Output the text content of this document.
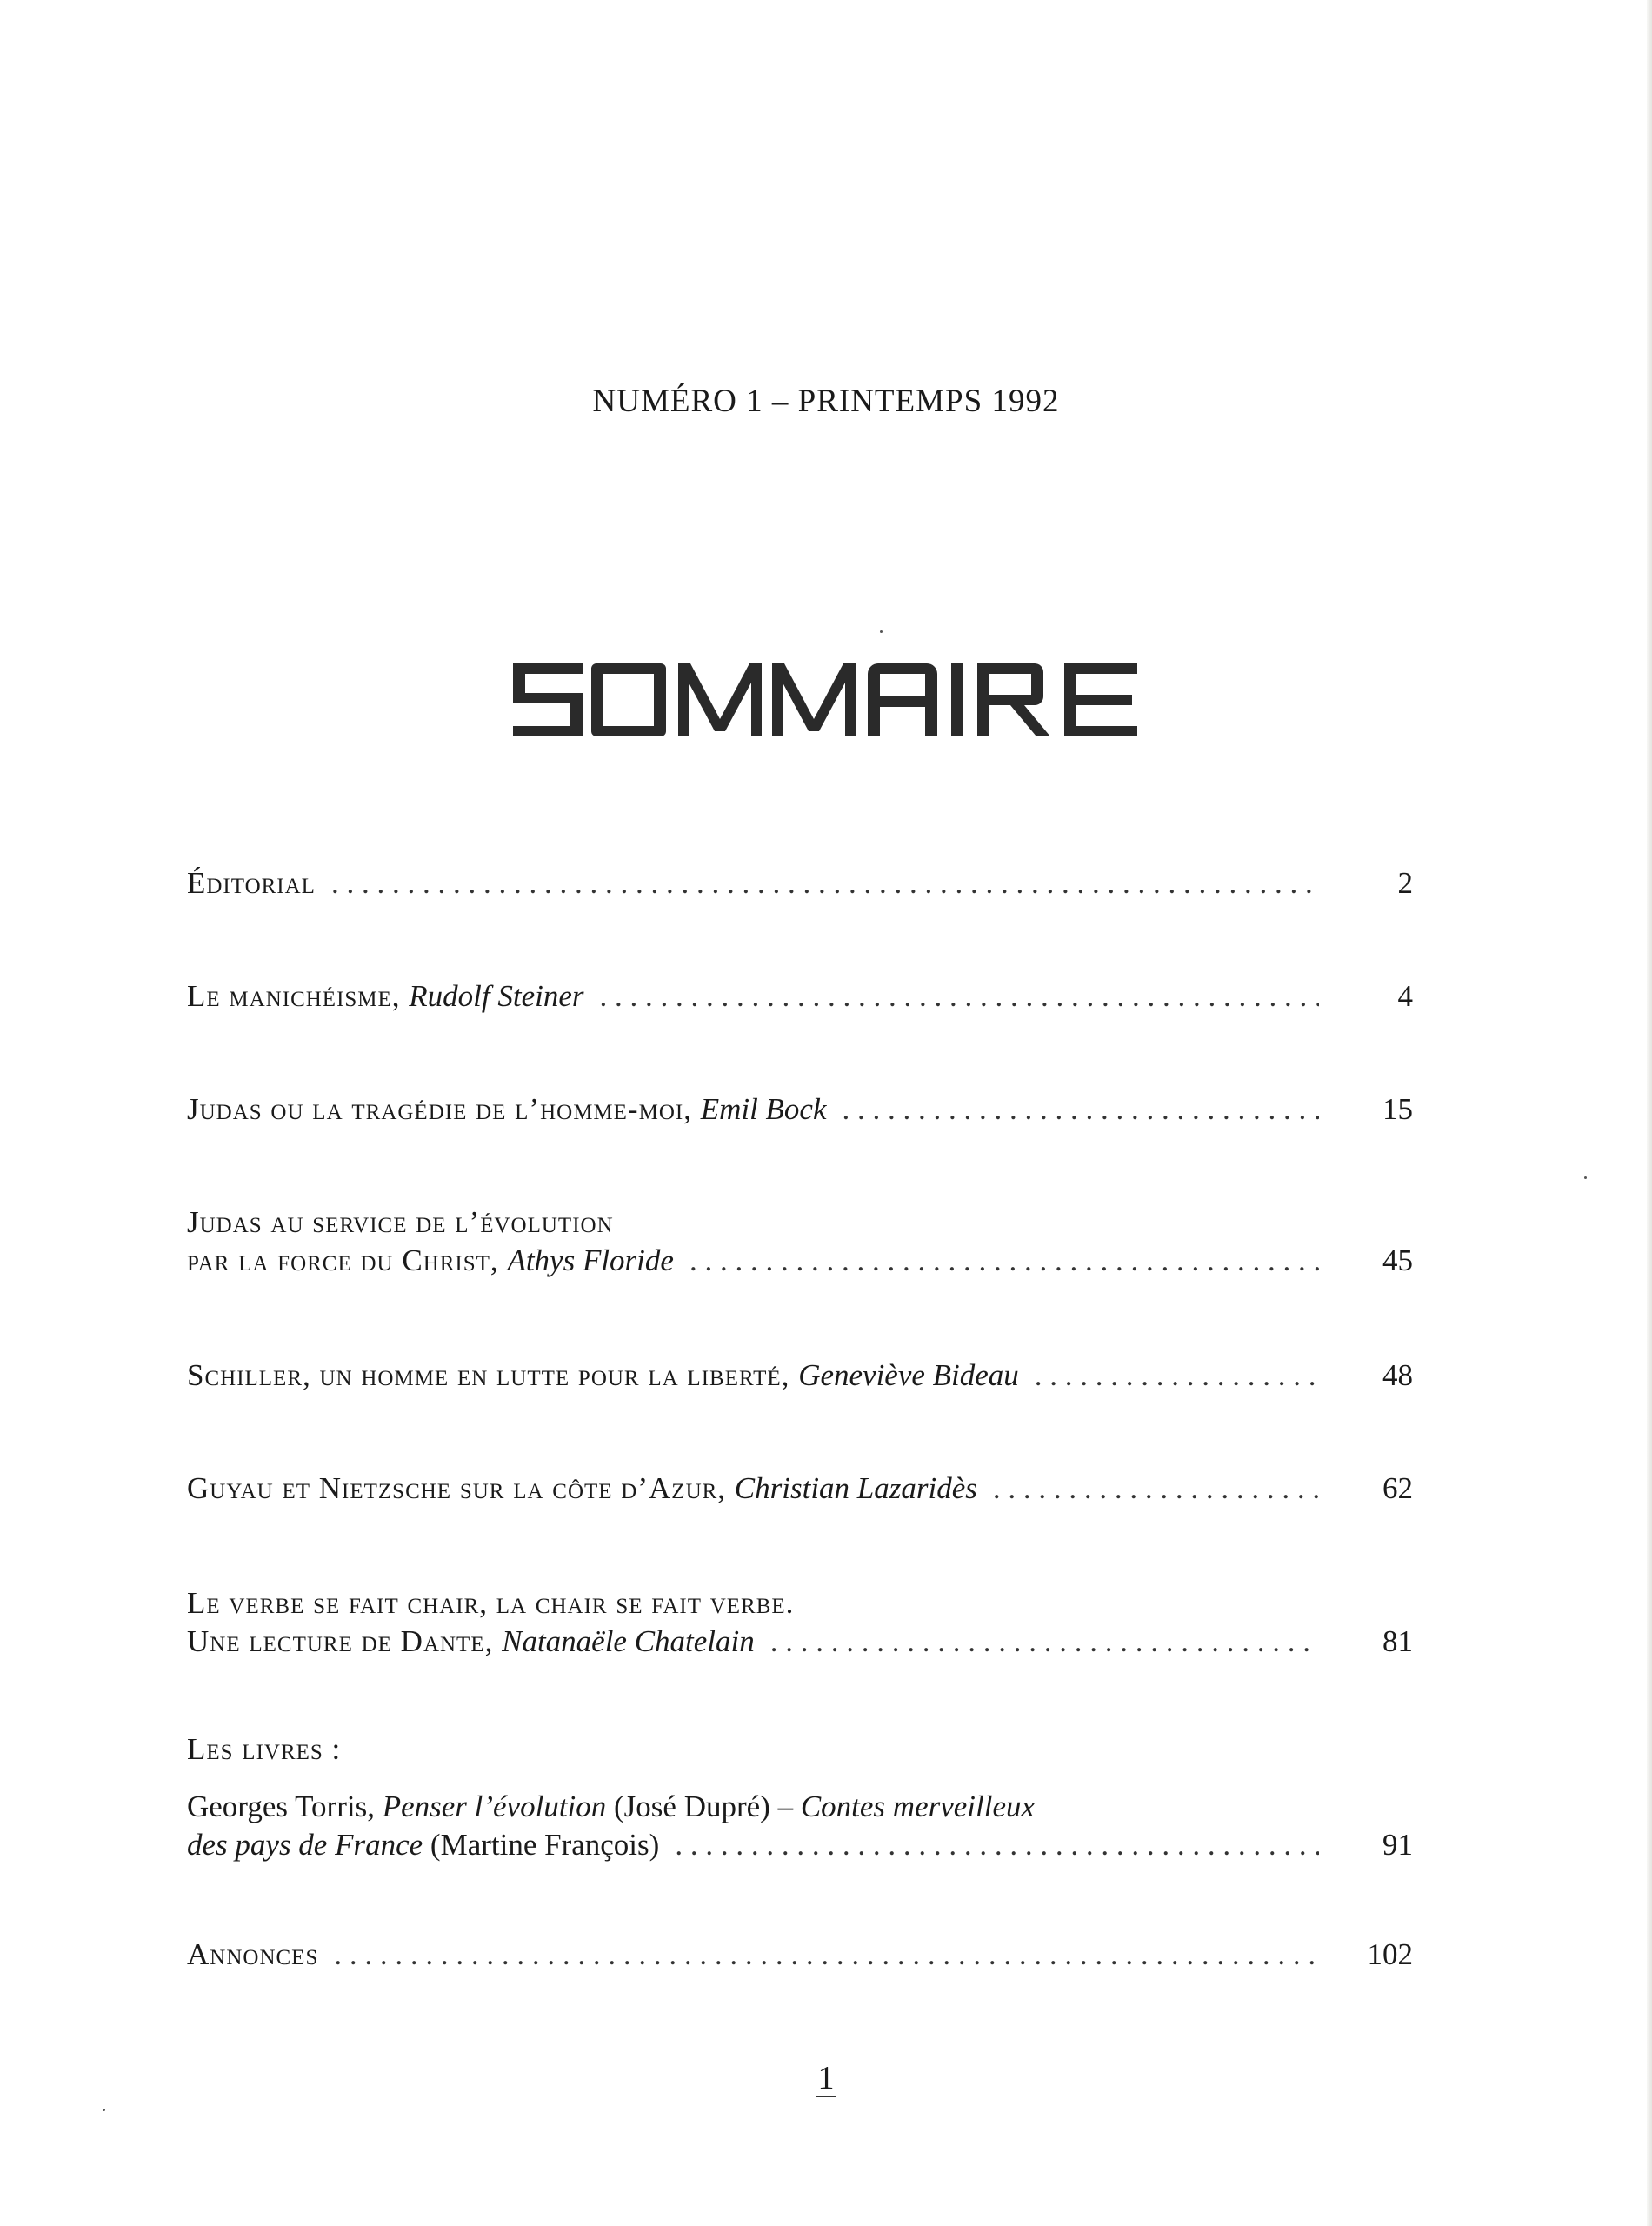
NUMÉRO 1 – PRINTEMPS 1992
Éditorial . . .	2
Le manichéisme, Rudolf Steiner . . .	4
Judas ou la tragédie de l’homme-moi, Emil Bock . . .	15
Judas au service de l’évolution
par la force du Christ, Athys Floride . . .	45
Schiller, un homme en lutte pour la liberté, Geneviève Bideau . . .	48
Guyau et Nietzsche sur la côte d’Azur, Christian Lazaridès . . .	62
Le verbe se fait chair, la chair se fait verbe.
Une lecture de Dante, Natanaële Chatelain . . .	81
Les livres :
Georges Torris, Penser l’évolution (José Dupré) – Contes merveilleux
des pays de France (Martine François) . . .	91
Annonces . . .	102
1
